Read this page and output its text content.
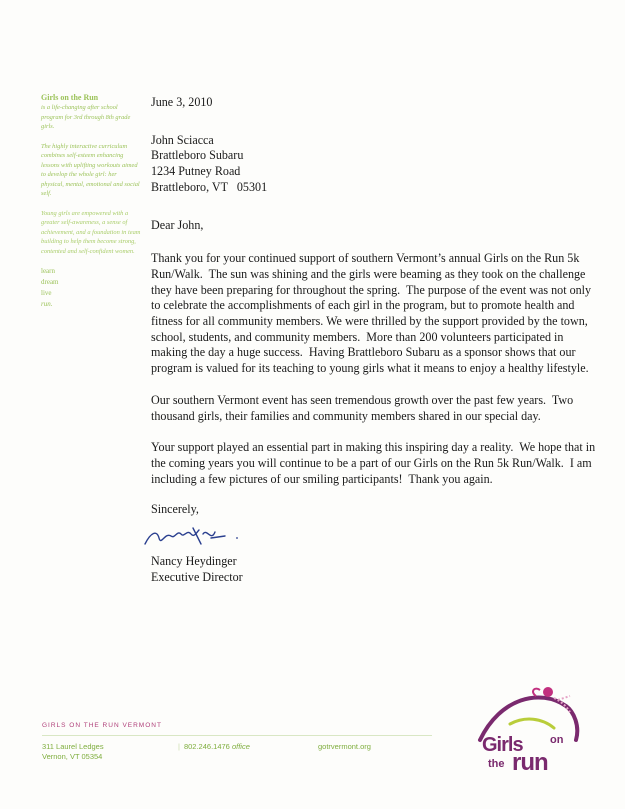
Girls on the Run

is a life-changing after school program for 3rd through 8th grade girls.

The highly interactive curriculum combines self-esteem enhancing lessons with uplifting workouts aimed to develop the whole girl: her physical, mental, emotional and social self.

Young girls are empowered with a greater self-awareness, a sense of achievement, and a foundation in team building to help them become strong, contented and self-confident women.

learn
dream
live
run.
June 3, 2010
John Sciacca
Brattleboro Subaru
1234 Putney Road
Brattleboro, VT   05301
Dear John,
Thank you for your continued support of southern Vermont’s annual Girls on the Run 5k Run/Walk.  The sun was shining and the girls were beaming as they took on the challenge they have been preparing for throughout the spring.  The purpose of the event was not only to celebrate the accomplishments of each girl in the program, but to promote health and fitness for all community members. We were thrilled by the support provided by the town, school, students, and community members.  More than 200 volunteers participated in making the day a huge success.  Having Brattleboro Subaru as a sponsor shows that our program is valued for its teaching to young girls what it means to enjoy a healthy lifestyle.
Our southern Vermont event has seen tremendous growth over the past few years.  Two thousand girls, their families and community members shared in our special day.
Your support played an essential part in making this inspiring day a reality.  We hope that in the coming years you will continue to be a part of our Girls on the Run 5k Run/Walk.  I am including a few pictures of our smiling participants!  Thank you again.
Sincerely,
Nancy Heydinger
Executive Director
GIRLS ON THE RUN VERMONT
311 Laurel Ledges
Vernon, VT 05354
| 802.246.1476 office	gotrvermont.org	Girls on
the run
